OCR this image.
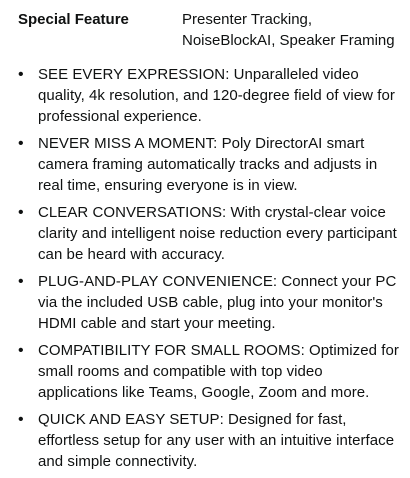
Special Feature	Presenter Tracking,
NoiseBlockAI, Speaker Framing
• SEE EVERY EXPRESSION: Unparalleled video quality, 4k resolution, and 120-degree field of view for professional experience.
• NEVER MISS A MOMENT: Poly DirectorAI smart camera framing automatically tracks and adjusts in real time, ensuring everyone is in view.
• CLEAR CONVERSATIONS: With crystal-clear voice clarity and intelligent noise reduction every participant can be heard with accuracy.
• PLUG-AND-PLAY CONVENIENCE: Connect your PC via the included USB cable, plug into your monitor's HDMI cable and start your meeting.
• COMPATIBILITY FOR SMALL ROOMS: Optimized for small rooms and compatible with top video applications like Teams, Google, Zoom and more.
• QUICK AND EASY SETUP: Designed for fast, effortless setup for any user with an intuitive interface and simple connectivity.
